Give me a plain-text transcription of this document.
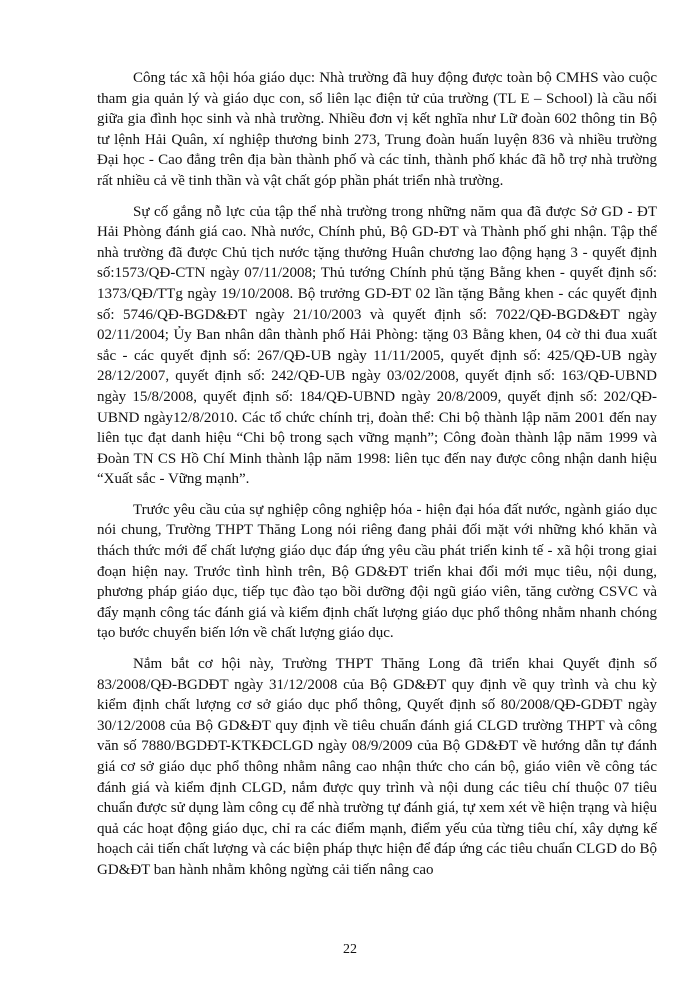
Công tác xã hội hóa giáo dục: Nhà trường đã huy động được toàn bộ CMHS vào cuộc tham gia quản lý và giáo dục con, sổ liên lạc điện tử của trường (TL E – School) là cầu nối giữa gia đình học sinh và nhà trường. Nhiều đơn vị kết nghĩa như Lữ đoàn 602 thông tin Bộ tư lệnh Hải Quân, xí nghiệp thương binh 273, Trung đoàn huấn luyện 836 và nhiều trường Đại học - Cao đẳng trên địa bàn thành phố và các tỉnh, thành phố khác đã hỗ trợ nhà trường rất nhiều cả về tinh thần và vật chất góp phần phát triển nhà trường.

Sự cố gắng nỗ lực của tập thể nhà trường trong những năm qua đã được Sở GD - ĐT Hải Phòng đánh giá cao. Nhà nước, Chính phủ, Bộ GD-ĐT và Thành phố ghi nhận. Tập thể nhà trường đã được Chủ tịch nước tặng thưởng Huân chương lao động hạng 3 - quyết định số:1573/QĐ-CTN ngày 07/11/2008; Thủ tướng Chính phủ tặng Bằng khen - quyết định số: 1373/QĐ/TTg ngày 19/10/2008. Bộ trưởng GD-ĐT 02 lần tặng Bằng khen - các quyết định số: 5746/QĐ-BGD&ĐT ngày 21/10/2003 và quyết định số: 7022/QĐ-BGD&ĐT ngày 02/11/2004; Ủy Ban nhân dân thành phố Hải Phòng: tặng 03 Bằng khen, 04 cờ thi đua xuất sắc - các quyết định số: 267/QĐ-UB ngày 11/11/2005, quyết định số: 425/QĐ-UB ngày 28/12/2007, quyết định số: 242/QĐ-UB ngày 03/02/2008, quyết định số: 163/QĐ-UBND ngày 15/8/2008, quyết định số: 184/QĐ-UBND ngày 20/8/2009, quyết định số: 202/QĐ-UBND ngày12/8/2010. Các tổ chức chính trị, đoàn thể: Chi bộ thành lập năm 2001 đến nay liên tục đạt danh hiệu “Chi bộ trong sạch vững mạnh”; Công đoàn thành lập năm 1999 và Đoàn TN CS Hồ Chí Minh thành lập năm 1998: liên tục đến nay được công nhận danh hiệu “Xuất sắc - Vững mạnh”.

Trước yêu cầu của sự nghiệp công nghiệp hóa - hiện đại hóa đất nước, ngành giáo dục nói chung, Trường THPT Thăng Long nói riêng đang phải đối mặt với những khó khăn và thách thức mới để chất lượng giáo dục đáp ứng yêu cầu phát triển kinh tế - xã hội trong giai đoạn hiện nay. Trước tình hình trên, Bộ GD&ĐT triển khai đổi mới mục tiêu, nội dung, phương pháp giáo dục, tiếp tục đào tạo bồi dưỡng đội ngũ giáo viên, tăng cường CSVC và đẩy mạnh công tác đánh giá và kiểm định chất lượng giáo dục phổ thông nhằm nhanh chóng tạo bước chuyển biến lớn về chất lượng giáo dục.

Nắm bắt cơ hội này, Trường THPT Thăng Long đã triển khai Quyết định số 83/2008/QĐ-BGDĐT ngày 31/12/2008 của Bộ GD&ĐT quy định về quy trình và chu kỳ kiểm định chất lượng cơ sở giáo dục phổ thông, Quyết định số 80/2008/QĐ-GDĐT ngày 30/12/2008 của Bộ GD&ĐT quy định về tiêu chuẩn đánh giá CLGD trường THPT và công văn số 7880/BGDĐT-KTKĐCLGD ngày 08/9/2009 của Bộ GD&ĐT về hướng dẫn tự đánh giá cơ sở giáo dục phổ thông nhằm nâng cao nhận thức cho cán bộ, giáo viên về công tác đánh giá và kiểm định CLGD, nắm được quy trình và nội dung các tiêu chí thuộc 07 tiêu chuẩn được sử dụng làm công cụ để nhà trường tự đánh giá, tự xem xét về hiện trạng và hiệu quả các hoạt động giáo dục, chỉ ra các điểm mạnh, điểm yếu của từng tiêu chí, xây dựng kế hoạch cải tiến chất lượng và các biện pháp thực hiện để đáp ứng các tiêu chuẩn CLGD do Bộ GD&ĐT ban hành nhằm không ngừng cải tiến nâng cao

22
